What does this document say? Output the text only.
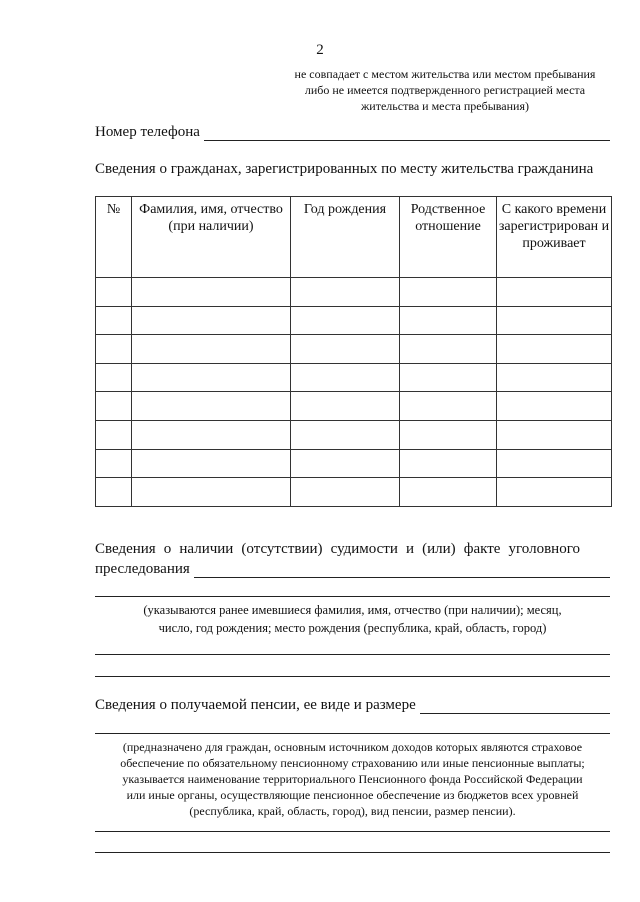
2
не совпадает с местом жительства или местом пребывания
либо не имеется подтвержденного регистрацией места
жительства и места пребывания)
Номер телефона
Сведения о гражданах, зарегистрированных по месту жительства гражданина
№	Фамилия, имя, отчество (при наличии)	Год рождения	Родственное отношение	С какого времени зарегистрирован и проживает

Сведения о наличии (отсутствии) судимости и (или) факте уголовного
преследования
(указываются ранее имевшиеся фамилия, имя, отчество (при наличии); месяц,
число, год рождения; место рождения (республика, край, область, город)
Сведения о получаемой пенсии, ее виде и размере
(предназначено для граждан, основным источником доходов которых являются страховое
обеспечение по обязательному пенсионному страхованию или иные пенсионные выплаты;
указывается наименование территориального Пенсионного фонда Российской Федерации
или иные органы, осуществляющие пенсионное обеспечение из бюджетов всех уровней
(республика, край, область, город), вид пенсии, размер пенсии).
